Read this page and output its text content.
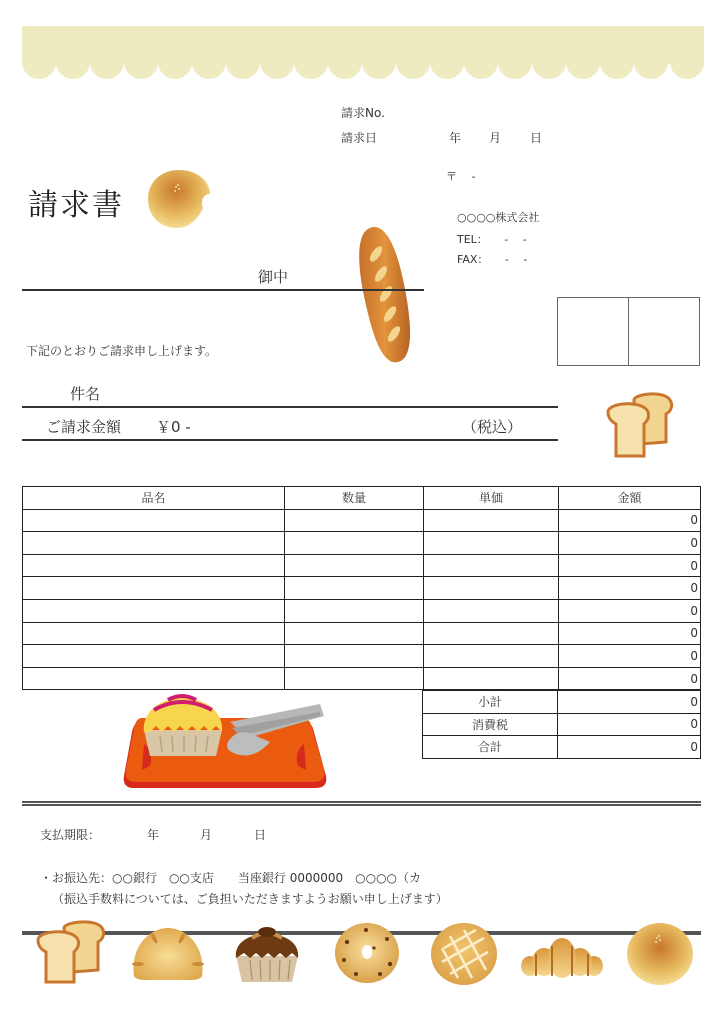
請求No.
請求日	年 月 日
〒　 -
○○○○株式会社
TEL：　　-　 -
FAX：　　-　 -
請求書
御中
下記のとおりご請求申し上げます。
件名
ご請求金額 ￥0 -	（税込）
品名	数量	単価	金額
			0
			0
			0
			0
			0
			0
			0
			0
小計	0
消費税	0
合計	0
支払期限：	年	月	日
・お振込先：○○銀行　○○支店　　当座銀行 0000000　○○○○（カ
（振込手数料については、ご負担いただきますようお願い申し上げます）
